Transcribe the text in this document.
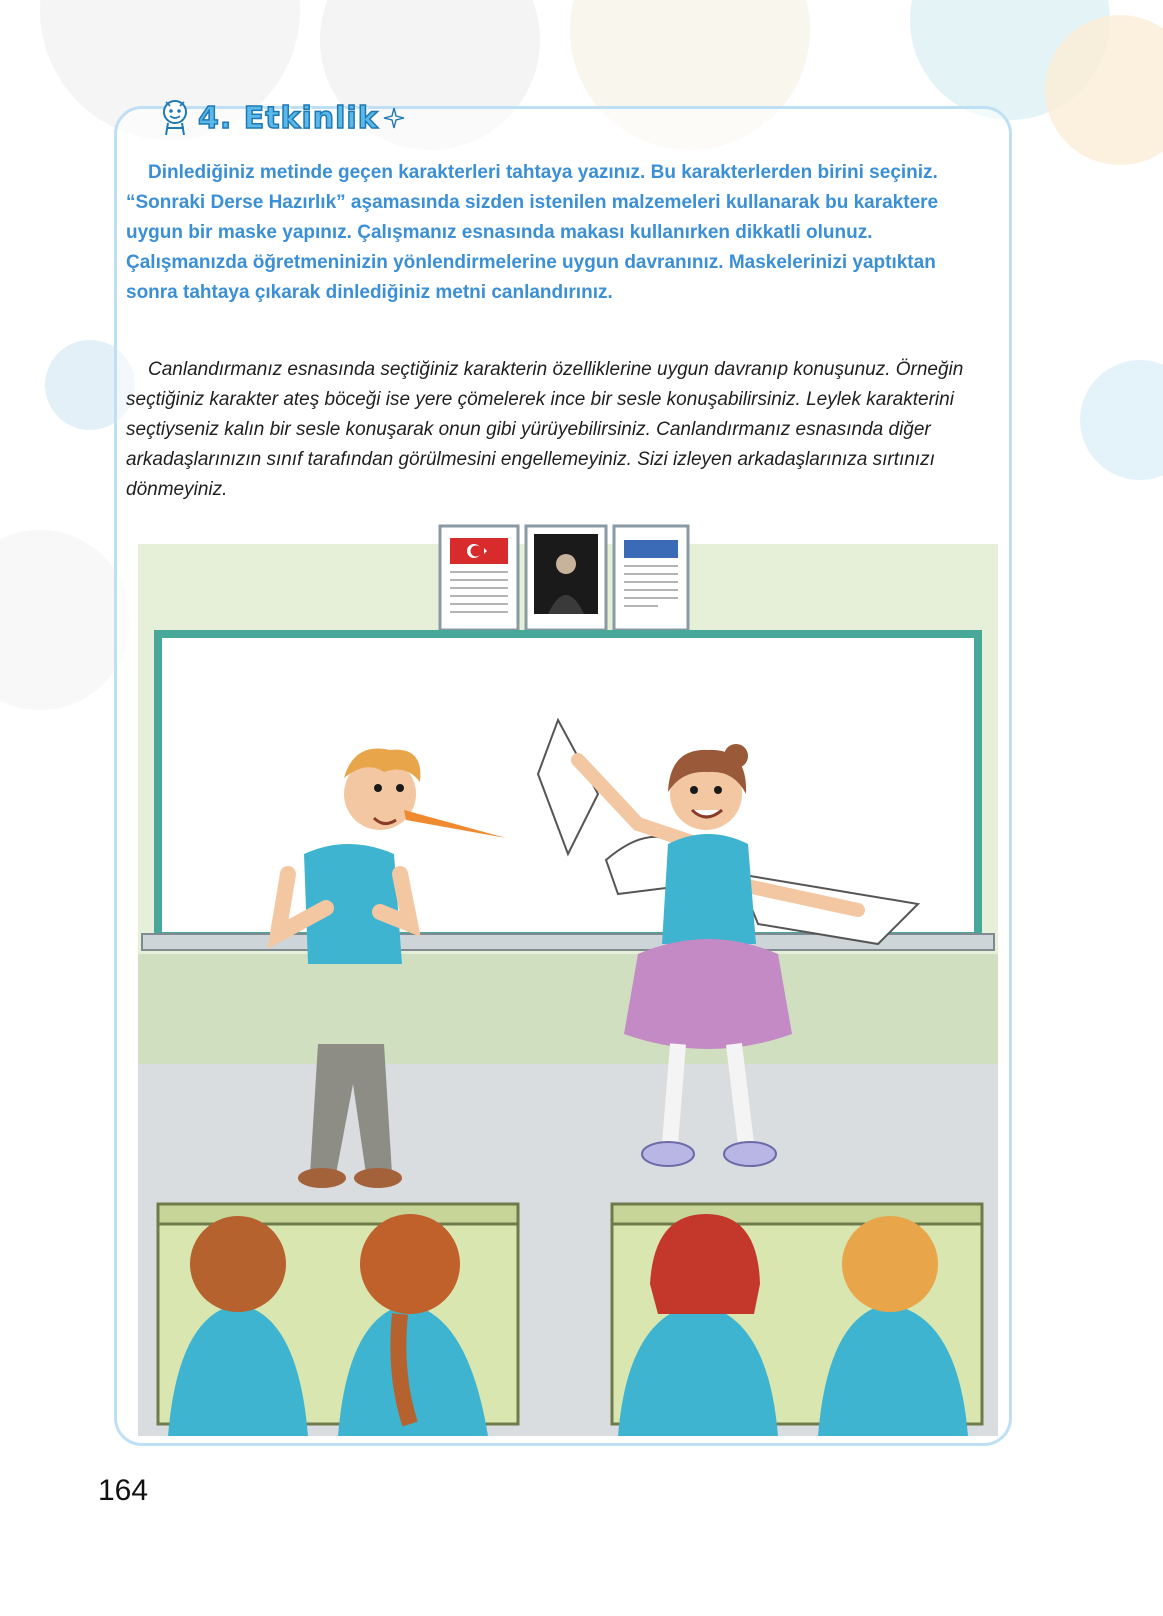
4. Etkinlik

Dinlediğiniz metinde geçen karakterleri tahtaya yazınız. Bu karakterlerden birini seçiniz. “Sonraki Derse Hazırlık” aşamasında sizden istenilen malzemeleri kullanarak bu karaktere uygun bir maske yapınız. Çalışmanız esnasında makası kullanırken dikkatli olunuz. Çalışmanızda öğretmeninizin yönlendirmelerine uygun davranınız. Maskelerinizi yaptıktan sonra tahtaya çıkarak dinlediğiniz metni canlandırınız.

Canlandırmanız esnasında seçtiğiniz karakterin özelliklerine uygun davranıp konuşunuz. Örneğin seçtiğiniz karakter ateş böceği ise yere çömelerek ince bir sesle konuşabilirsiniz. Leylek karakterini seçtiyseniz kalın bir sesle konuşarak onun gibi yürüyebilirsiniz. Canlandırmanız esnasında diğer arkadaşlarınızın sınıf tarafından görülmesini engellemeyiniz. Sizi izleyen arkadaşlarınıza sırtınızı dönmeyiniz.

164
